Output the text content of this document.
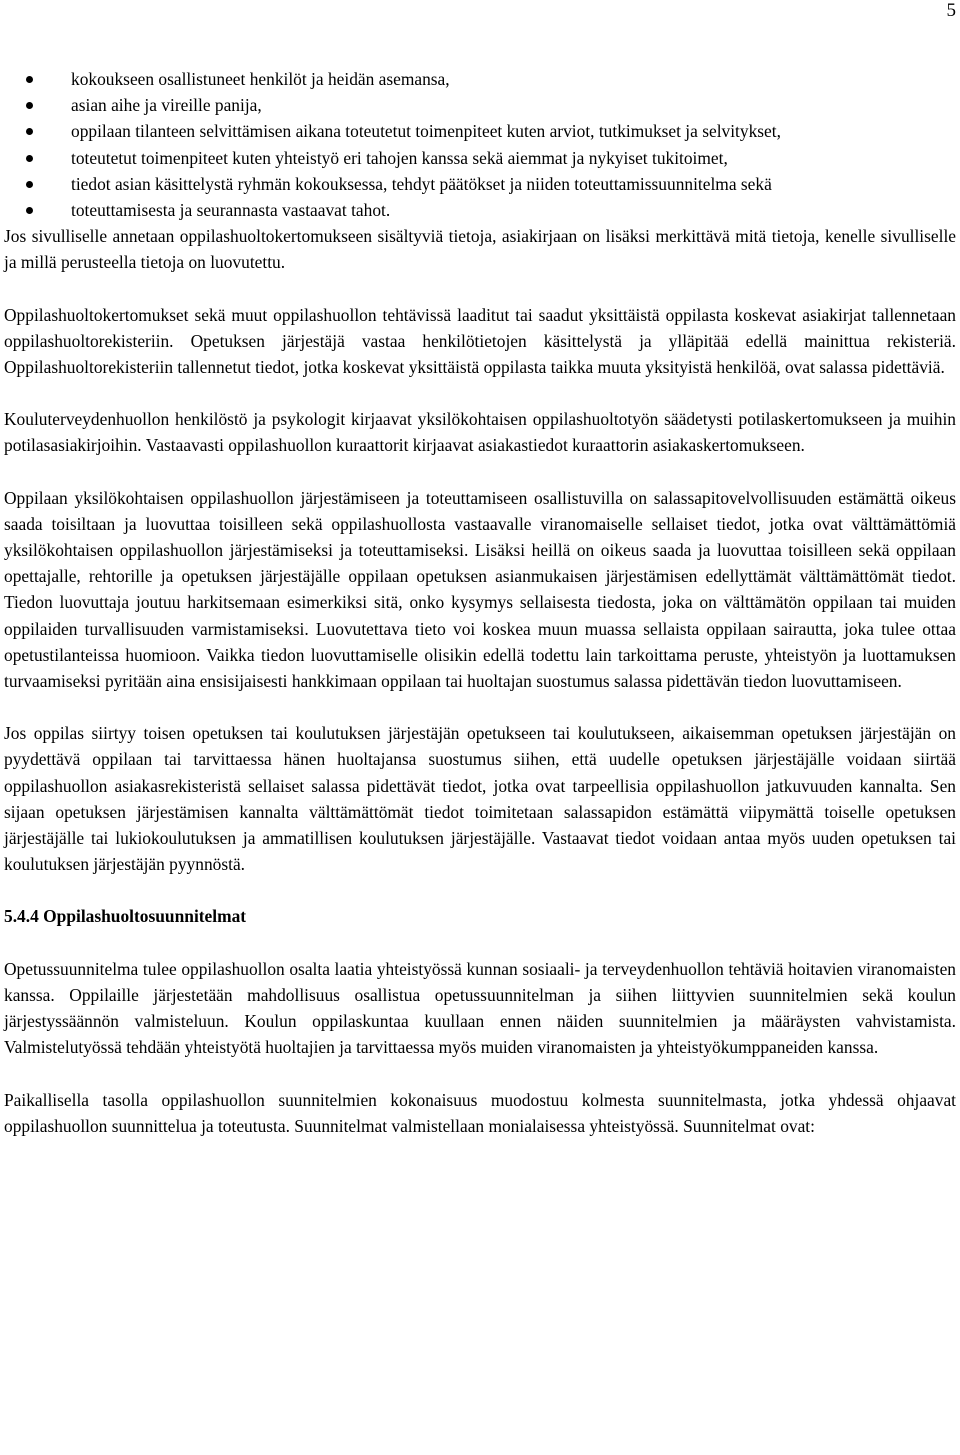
5
kokoukseen osallistuneet henkilöt ja heidän asemansa,
asian aihe ja vireille panija,
oppilaan tilanteen selvittämisen aikana toteutetut toimenpiteet kuten arviot, tutkimukset ja selvitykset,
toteutetut toimenpiteet kuten yhteistyö eri tahojen kanssa sekä aiemmat ja nykyiset tukitoimet,
tiedot asian käsittelystä ryhmän kokouksessa, tehdyt päätökset ja niiden toteuttamissuunnitelma sekä
toteuttamisesta ja seurannasta vastaavat tahot.

Jos sivulliselle annetaan oppilashuoltokertomukseen sisältyviä tietoja, asiakirjaan on lisäksi merkittävä mitä tietoja, kenelle sivulliselle ja millä perusteella tietoja on luovutettu.

Oppilashuoltokertomukset sekä muut oppilashuollon tehtävissä laaditut tai saadut yksittäistä oppilasta koskevat asiakirjat tallennetaan oppilashuoltorekisteriin. Opetuksen järjestäjä vastaa henkilötietojen käsittelystä ja ylläpitää edellä mainittua rekisteriä. Oppilashuoltorekisteriin tallennetut tiedot, jotka koskevat yksittäistä oppilasta taikka muuta yksityistä henkilöä, ovat salassa pidettäviä.

Kouluterveydenhuollon henkilöstö ja psykologit kirjaavat yksilökohtaisen oppilashuoltotyön säädetysti potilaskertomukseen ja muihin potilasasiakirjoihin. Vastaavasti oppilashuollon kuraattorit kirjaavat asiakastiedot kuraattorin asiakaskertomukseen.

Oppilaan yksilökohtaisen oppilashuollon järjestämiseen ja toteuttamiseen osallistuvilla on salassapitovelvollisuuden estämättä oikeus saada toisiltaan ja luovuttaa toisilleen sekä oppilashuollosta vastaavalle viranomaiselle sellaiset tiedot, jotka ovat välttämättömiä yksilökohtaisen oppilashuollon järjestämiseksi ja toteuttamiseksi. Lisäksi heillä on oikeus saada ja luovuttaa toisilleen sekä oppilaan opettajalle, rehtorille ja opetuksen järjestäjälle oppilaan opetuksen asianmukaisen järjestämisen edellyttämät välttämättömät tiedot. Tiedon luovuttaja joutuu harkitsemaan esimerkiksi sitä, onko kysymys sellaisesta tiedosta, joka on välttämätön oppilaan tai muiden oppilaiden turvallisuuden varmistamiseksi. Luovutettava tieto voi koskea muun muassa sellaista oppilaan sairautta, joka tulee ottaa opetustilanteissa huomioon. Vaikka tiedon luovuttamiselle olisikin edellä todettu lain tarkoittama peruste, yhteistyön ja luottamuksen turvaamiseksi pyritään aina ensisijaisesti hankkimaan oppilaan tai huoltajan suostumus salassa pidettävän tiedon luovuttamiseen.

Jos oppilas siirtyy toisen opetuksen tai koulutuksen järjestäjän opetukseen tai koulutukseen, aikaisemman opetuksen järjestäjän on pyydettävä oppilaan tai tarvittaessa hänen huoltajansa suostumus siihen, että uudelle opetuksen järjestäjälle voidaan siirtää oppilashuollon asiakasrekisteristä sellaiset salassa pidettävät tiedot, jotka ovat tarpeellisia oppilashuollon jatkuvuuden kannalta. Sen sijaan opetuksen järjestämisen kannalta välttämättömät tiedot toimitetaan salassapidon estämättä viipymättä toiselle opetuksen järjestäjälle tai lukiokoulutuksen ja ammatillisen koulutuksen järjestäjälle. Vastaavat tiedot voidaan antaa myös uuden opetuksen tai koulutuksen järjestäjän pyynnöstä.

5.4.4 Oppilashuoltosuunnitelmat

Opetussuunnitelma tulee oppilashuollon osalta laatia yhteistyössä kunnan sosiaali- ja terveydenhuollon tehtäviä hoitavien viranomaisten kanssa. Oppilaille järjestetään mahdollisuus osallistua opetussuunnitelman ja siihen liittyvien suunnitelmien sekä koulun järjestyssäännön valmisteluun. Koulun oppilaskuntaa kuullaan ennen näiden suunnitelmien ja määräysten vahvistamista. Valmistelutyössä tehdään yhteistyötä huoltajien ja tarvittaessa myös muiden viranomaisten ja yhteistyökumppaneiden kanssa.

Paikallisella tasolla oppilashuollon suunnitelmien kokonaisuus muodostuu kolmesta suunnitelmasta, jotka yhdessä ohjaavat oppilashuollon suunnittelua ja toteutusta. Suunnitelmat valmistellaan monialaisessa yhteistyössä. Suunnitelmat ovat:
